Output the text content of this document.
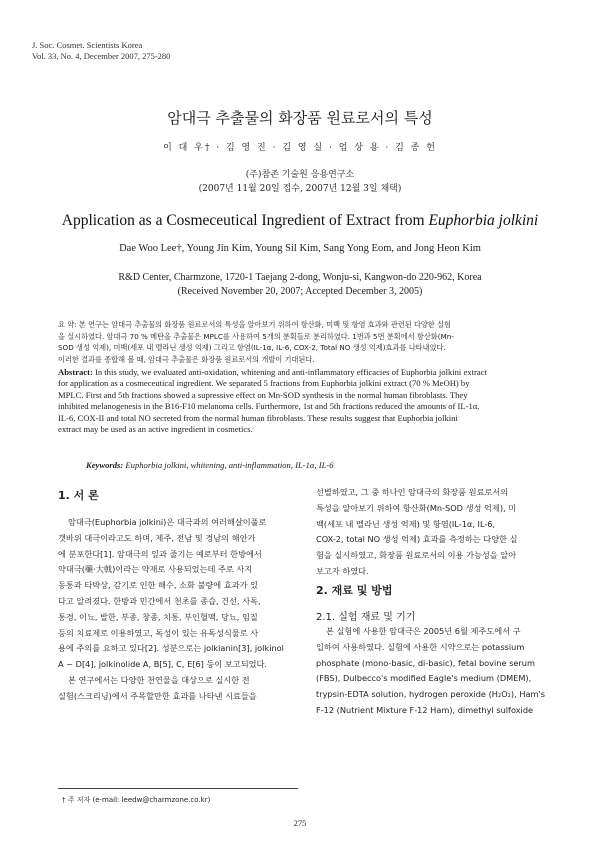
J. Soc. Cosmet. Scientists Korea
Vol. 33, No. 4, December 2007, 275-280
암대극 추출물의 화장품 원료로서의 특성
이 대 우† · 김 영 진 · 김 영 실 · 엄 상 용 · 김 종 헌
(주)참존 기술원 응용연구소
(2007년 11월 20일 접수, 2007년 12월 3일 채택)
Application as a Cosmeceutical Ingredient of Extract from Euphorbia jolkini
Dae Woo Lee†, Young Jin Kim, Young Sil Kim, Sang Yong Eom, and Jong Heon Kim
R&D Center, Charmzone, 1720-1 Taejang 2-dong, Wonju-si, Kangwon-do 220-962, Korea
(Received November 20, 2007; Accepted December 3, 2005)
요 약: 본 연구는 암대극 추출물의 화장품 원료로서의 특성을 알아보기 위하여 항산화, 미백 및 항염 효과와 관련된 다양한 실험
을 실시하였다. 암대극 70 % 메탄올 추출물은 MPLC를 사용하여 5개의 분획들로 분리하였다. 1번과 5번 분획에서 항산화(Mn-
SOD 생성 억제), 미백(세포 내 멜라닌 생성 억제) 그리고 항염(IL-1α, IL-6, COX-2, Total NO 생성 억제)효과를 나타내었다.
이러한 결과를 종합해 볼 때, 암대극 추출물은 화장품 원료로서의 개발이 기대된다.
Abstract: In this study, we evaluated anti-oxidation, whitening and anti-inflammatory efficacies of Euphorbia jolkini extract
for application as a cosmeceutical ingredient. We separated 5 fractions from Euphorbia jolkini extract (70 % MeOH) by
MPLC. First and 5th fractions showed a supressive effect on Mn-SOD synthesis in the normal human fibroblasts. They
inhibited melanogenesis in the B16-F10 melanoma cells. Furthermore, 1st and 5th fractions reduced the amounts of IL-1α,
IL-6, COX-II and total NO secreted from the normal human fibroblasts. These results suggest that Euphorbia jolkini
extract may be used as an active ingredient in cosmetics.
Keywords: Euphorbia jolkini, whitening, anti-inflammation, IL-1α, IL-6
1. 서 론
암대극(Euphorbia jolkini)은 대극과의 여러해살이풀로
갯바위 대극이라고도 하며, 제주, 전남 및 경남의 해안가
에 분포한다[1]. 암대극의 잎과 줄기는 예로부터 한방에서
약대극(藥·大戟)이라는 약재로 사용되었는데 주로 사지
동통과 타박상, 감기로 인한 해수, 소화 불량에 효과가 있
다고 알려졌다. 한방과 민간에서 천초를 종습, 건선, 사독,
통경, 이뇨, 발한, 부종, 창종, 치통, 부인혈맥, 당뇨, 임질
등의 치료제로 이용하였고, 독성이 있는 유독성식물로 사
용에 주의를 요하고 있다[2]. 성분으로는 jolkianin[3], jolkinol
A ~ D[4], jolkinolide A, B[5], C, E[6] 등이 보고되었다.
본 연구에서는 다양한 천연물을 대상으로 실시한 전
실험(스크리닝)에서 주목할만한 효과를 나타낸 시료들을
† 주 저자 (e-mail: leedw@charmzone.co.kr)
선별하였고, 그 중 하나인 암대극의 화장품 원료로서의
특성을 알아보기 위하여 항산화(Mn-SOD 생성 억제), 미
백(세포 내 멜라닌 생성 억제) 및 항염(IL-1α, IL-6,
COX-2, total NO 생성 억제) 효과를 측정하는 다양한 실
험을 실시하였고, 화장품 원료로서의 이용 가능성을 알아
보고자 하였다.
2. 재료 및 방법
2.1. 실험 재료 및 기기
본 실험에 사용한 암대극은 2005년 6월 제주도에서 구
입하여 사용하였다. 실험에 사용한 시약으로는 potassium
phosphate (mono-basic, di-basic), fetal bovine serum
(FBS), Dulbecco's modified Eagle's medium (DMEM),
trypsin-EDTA solution, hydrogen peroxide (H₂O₂), Ham's
F-12 (Nutrient Mixture F-12 Ham), dimethyl sulfoxide
275
